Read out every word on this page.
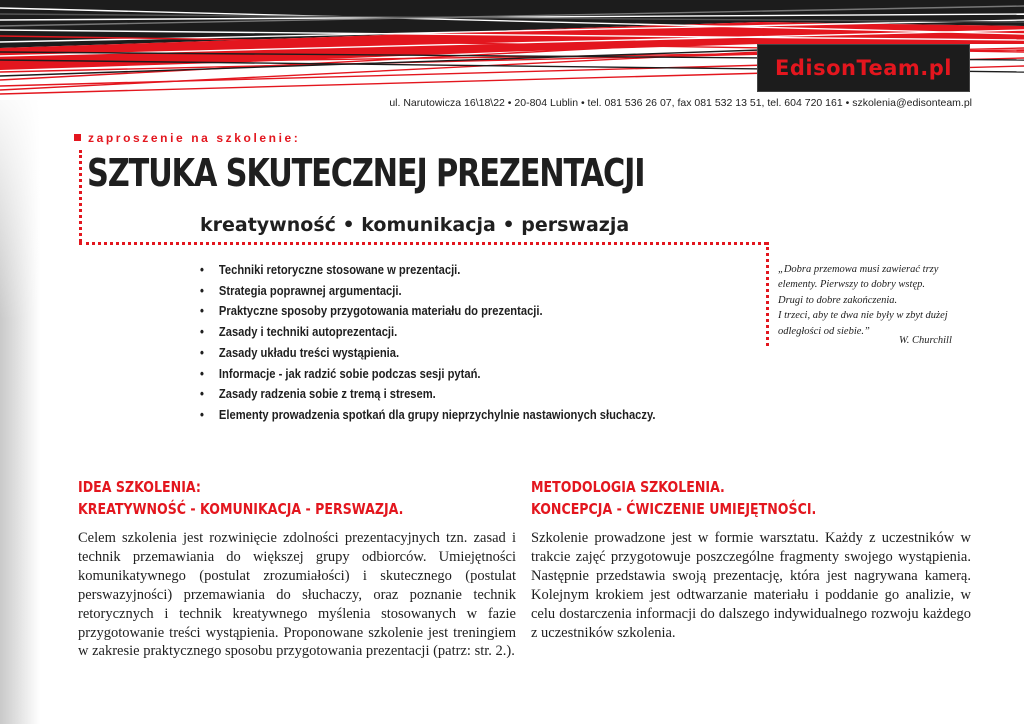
EdisonTeam.pl
ul. Narutowicza 16\18\22 • 20-804 Lublin • tel. 081 536 26 07, fax 081 532 13 51, tel. 604 720 161 • szkolenia@edisonteam.pl
zaproszenie na szkolenie:
SZTUKA SKUTECZNEJ PREZENTACJI
kreatywność • komunikacja • perswazja
• Techniki retoryczne stosowane w prezentacji.
• Strategia poprawnej argumentacji.
• Praktyczne sposoby przygotowania materiału do prezentacji.
• Zasady i techniki autoprezentacji.
• Zasady układu treści wystąpienia.
• Informacje - jak radzić sobie podczas sesji pytań.
• Zasady radzenia sobie z tremą i stresem.
• Elementy prowadzenia spotkań dla grupy nieprzychylnie nastawionych słuchaczy.
„Dobra przemowa musi zawierać trzy
elementy. Pierwszy to dobry wstęp.
Drugi to dobre zakończenia.
I trzeci, aby te dwa nie były w zbyt dużej
odległości od siebie.”
W. Churchill
IDEA SZKOLENIA:
KREATYWNOŚĆ - KOMUNIKACJA - PERSWAZJA.
Celem szkolenia jest rozwinięcie zdolności prezentacyjnych tzn. zasad i technik przemawiania do większej grupy odbiorców. Umiejętności komunikatywnego (postulat zrozumiałości) i skutecznego (postulat perswazyjności) przemawiania do słuchaczy, oraz poznanie technik retorycznych i technik kreatywnego myślenia stosowanych w fazie przygotowanie treści wystąpienia. Proponowane szkolenie jest treningiem w zakresie praktycznego sposobu przygotowania prezentacji (patrz: str. 2.).
METODOLOGIA SZKOLENIA.
KONCEPCJA - ĆWICZENIE UMIEJĘTNOŚCI.
Szkolenie prowadzone jest w formie warsztatu. Każdy z uczestników w trakcie zajęć przygotowuje poszczególne fragmenty swojego wystąpienia. Następnie przedstawia swoją prezentację, która jest nagrywana kamerą. Kolejnym krokiem jest odtwarzanie materiału i poddanie go analizie, w celu dostarczenia informacji do dalszego indywidualnego rozwoju każdego z uczestników szkolenia.
